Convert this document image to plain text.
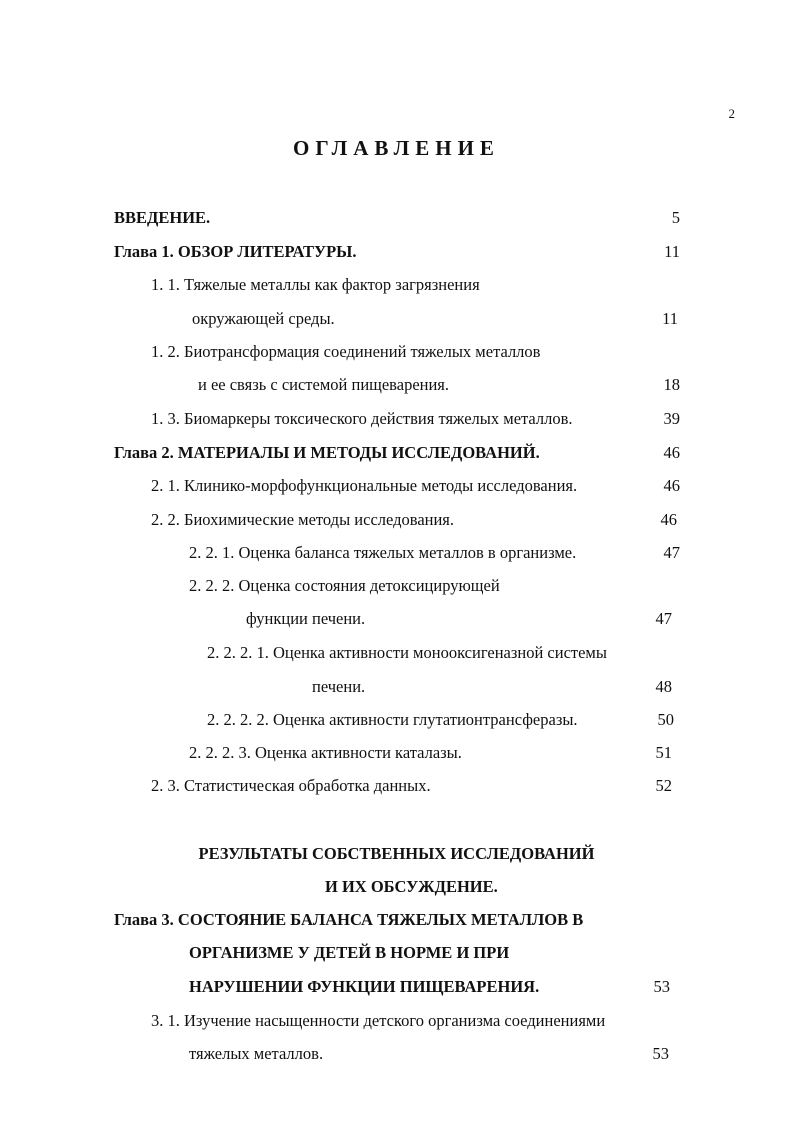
2
ОГЛАВЛЕНИЕ
ВВЕДЕНИЕ.	5
Глава 1. ОБЗОР ЛИТЕРАТУРЫ.	11
1. 1. Тяжелые металлы как фактор загрязнения
окружающей среды.	11
1. 2. Биотрансформация соединений тяжелых металлов
и ее связь с системой пищеварения.	18
1. 3. Биомаркеры токсического действия тяжелых металлов.	39
Глава 2. МАТЕРИАЛЫ И МЕТОДЫ ИССЛЕДОВАНИЙ.	46
2. 1. Клинико-морфофункциональные методы исследования.	46
2. 2. Биохимические методы исследования.	46
2. 2. 1. Оценка баланса тяжелых металлов в организме.	47
2. 2. 2. Оценка состояния детоксицирующей
функции печени.	47
2. 2. 2. 1. Оценка активности монооксигеназной системы
печени.	48
2. 2. 2. 2. Оценка активности глутатионтрансферазы.	50
2. 2. 2. 3. Оценка активности каталазы.	51
2. 3. Статистическая обработка данных.	52
РЕЗУЛЬТАТЫ СОБСТВЕННЫХ ИССЛЕДОВАНИЙ
И ИХ ОБСУЖДЕНИЕ.
Глава 3. СОСТОЯНИЕ БАЛАНСА ТЯЖЕЛЫХ МЕТАЛЛОВ В
ОРГАНИЗМЕ У ДЕТЕЙ В НОРМЕ И ПРИ
НАРУШЕНИИ ФУНКЦИИ ПИЩЕВАРЕНИЯ.	53
3. 1. Изучение насыщенности детского организма соединениями
тяжелых металлов.	53
